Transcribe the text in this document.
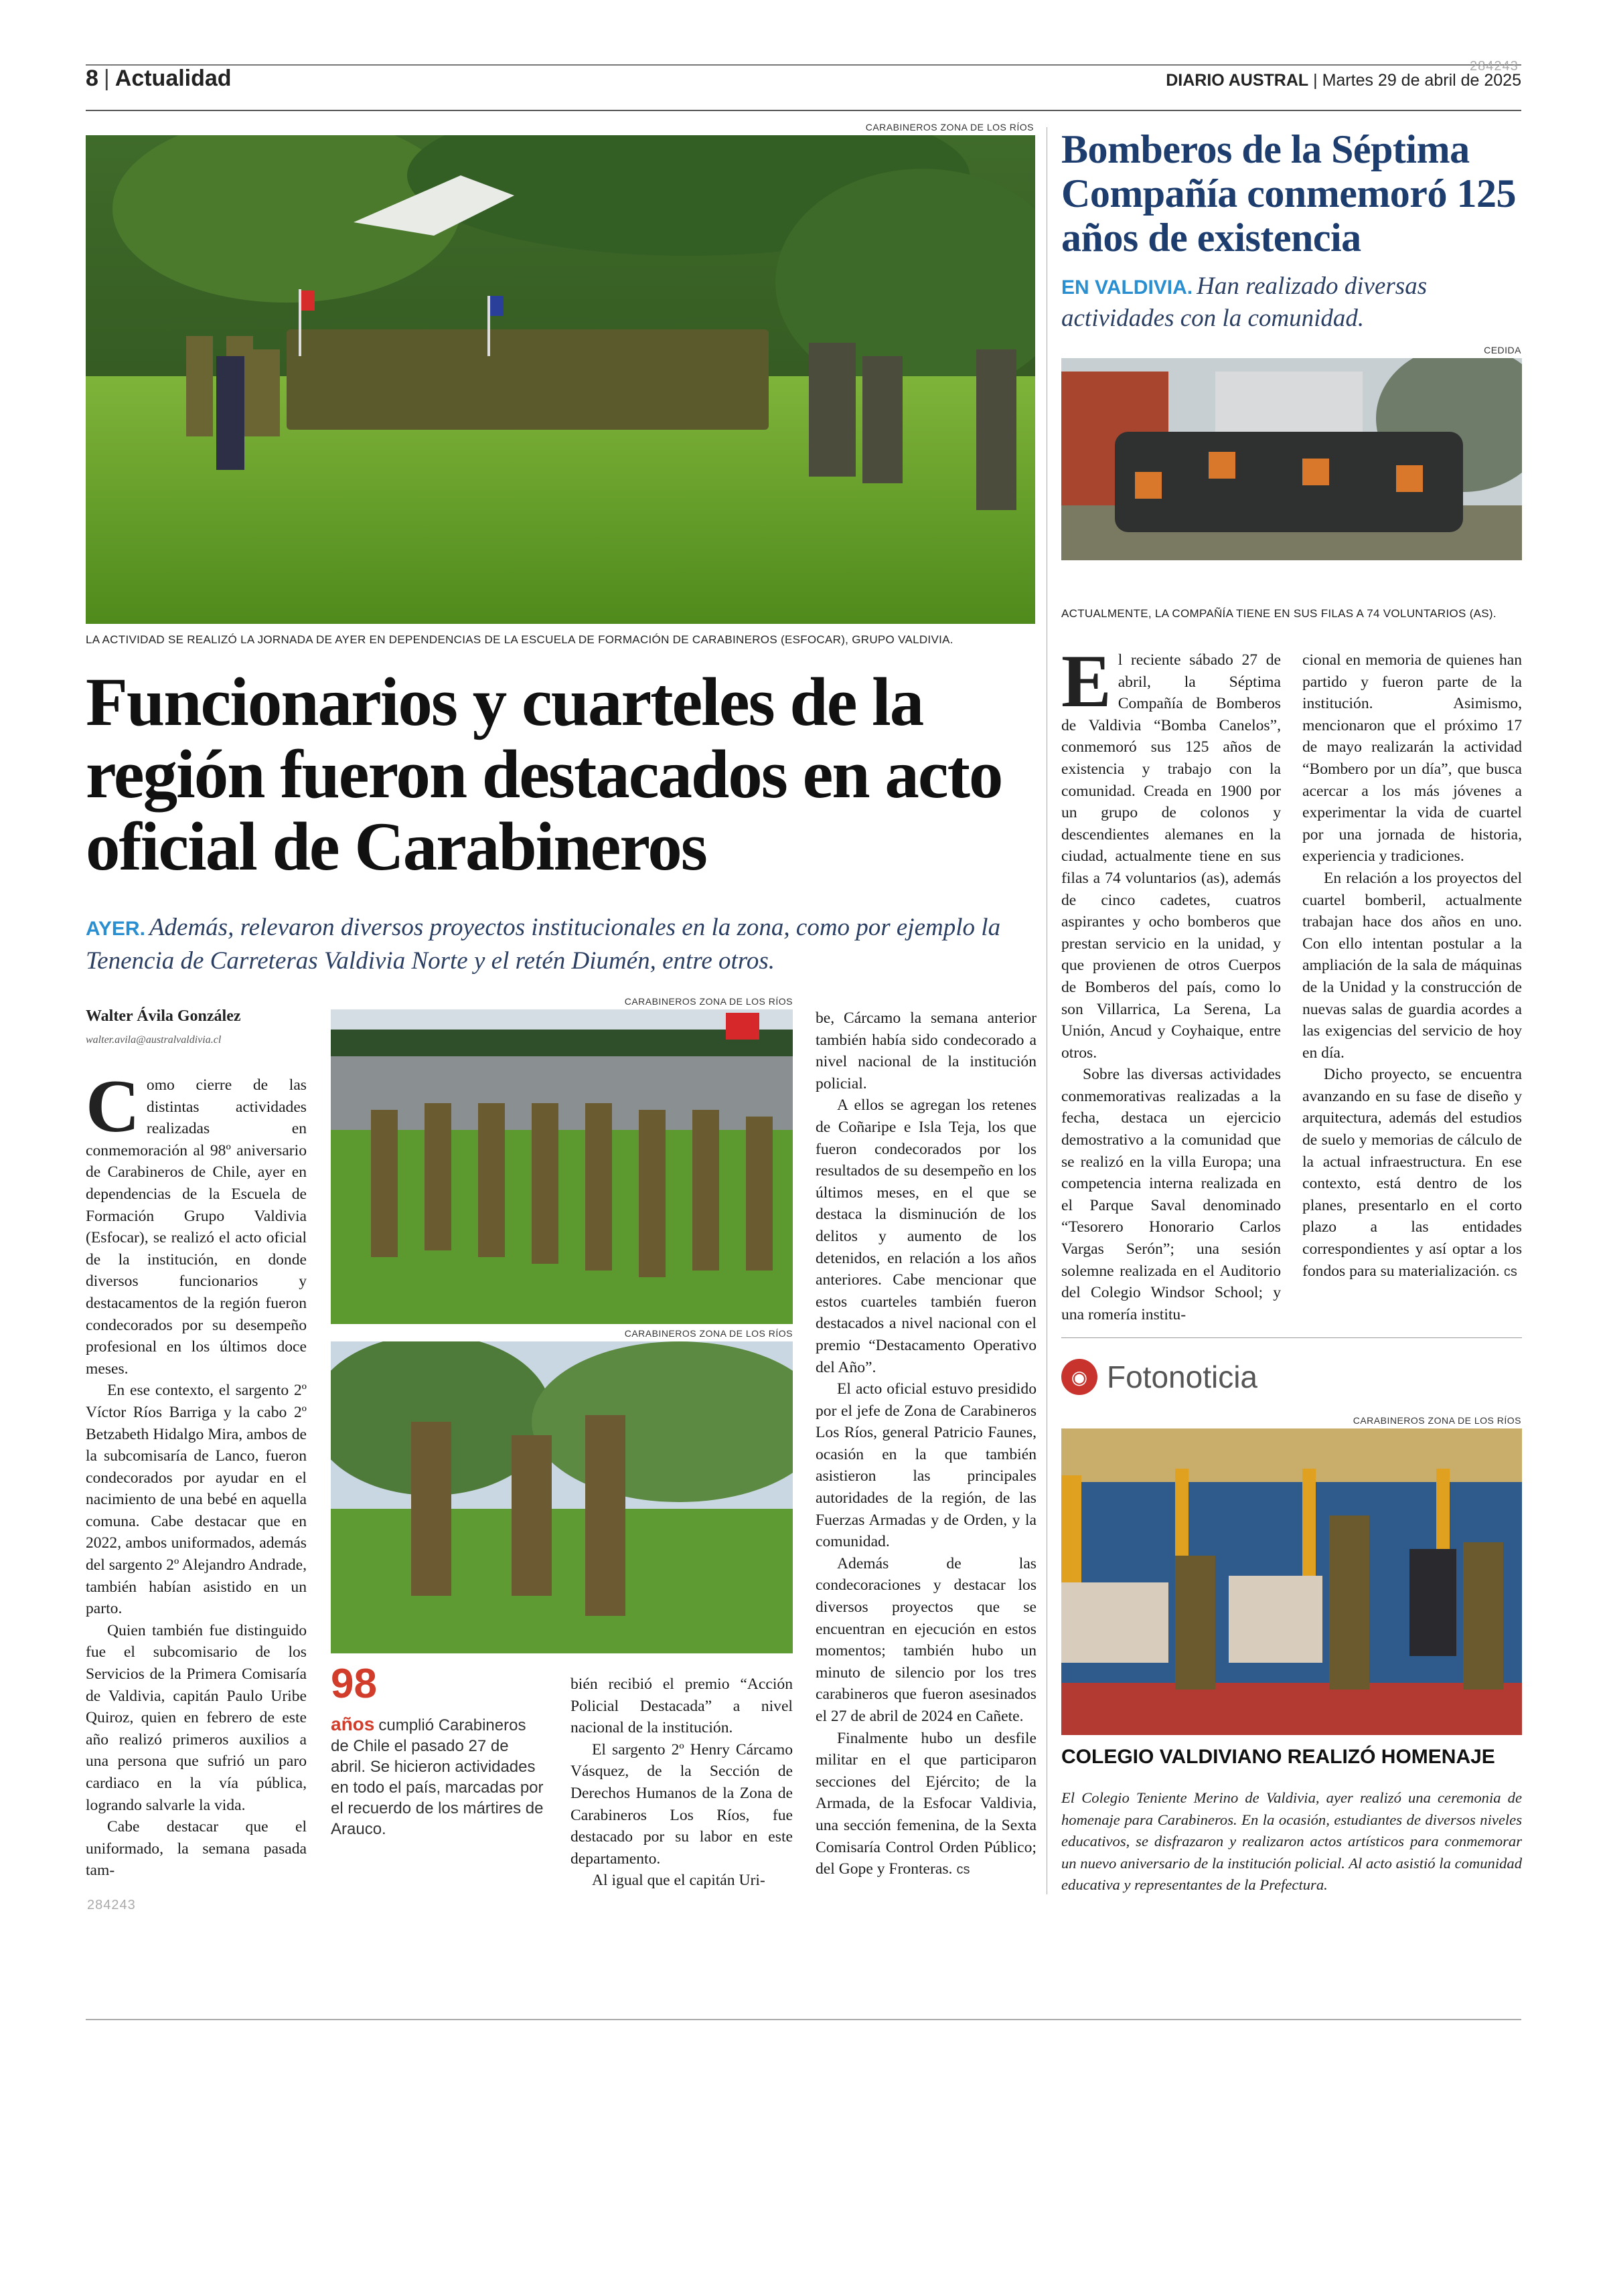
8 | Actualidad	284243
DIARIO AUSTRAL | Martes 29 de abril de 2025
CARABINEROS ZONA DE LOS RÍOS
LA ACTIVIDAD SE REALIZÓ LA JORNADA DE AYER EN DEPENDENCIAS DE LA ESCUELA DE FORMACIÓN DE CARABINEROS (ESFOCAR), GRUPO VALDIVIA.
Funcionarios y cuarteles de la región fueron destacados en acto oficial de Carabineros
AYER. Además, relevaron diversos proyectos institucionales en la zona, como por ejemplo la Tenencia de Carreteras Valdivia Norte y el retén Diumén, entre otros.
Walter Ávila González
walter.avila@australvaldivia.cl

Como cierre de las distintas actividades realizadas en conmemoración al 98º aniversario de Carabineros de Chile, ayer en dependencias de la Escuela de Formación Grupo Valdivia (Esfocar), se realizó el acto oficial de la institución, en donde diversos funcionarios y destacamentos de la región fueron condecorados por su desempeño profesional en los últimos doce meses.

En ese contexto, el sargento 2º Víctor Ríos Barriga y la cabo 2º Betzabeth Hidalgo Mira, ambos de la subcomisaría de Lanco, fueron condecorados por ayudar en el nacimiento de una bebé en aquella comuna. Cabe destacar que en 2022, ambos uniformados, además del sargento 2º Alejandro Andrade, también habían asistido en un parto.

Quien también fue distinguido fue el subcomisario de los Servicios de la Primera Comisaría de Valdivia, capitán Paulo Uribe Quiroz, quien en febrero de este año realizó primeros auxilios a una persona que sufrió un paro cardiaco en la vía pública, logrando salvarle la vida.

Cabe destacar que el uniformado, la semana pasada tam-

284243
CARABINEROS ZONA DE LOS RÍOS
CARABINEROS ZONA DE LOS RÍOS
98
años cumplió Carabineros de Chile el pasado 27 de abril. Se hicieron actividades en todo el país, marcadas por el recuerdo de los mártires de Arauco.

bién recibió el premio “Acción Policial Destacada” a nivel nacional de la institución.

El sargento 2º Henry Cárcamo Vásquez, de la Sección de Derechos Humanos de la Zona de Carabineros Los Ríos, fue destacado por su labor en este departamento.

Al igual que el capitán Uri-

be, Cárcamo la semana anterior también había sido condecorado a nivel nacional de la institución policial.

A ellos se agregan los retenes de Coñaripe e Isla Teja, los que fueron condecorados por los resultados de su desempeño en los últimos meses, en el que se destaca la disminución de los delitos y aumento de los detenidos, en relación a los años anteriores. Cabe mencionar que estos cuarteles también fueron destacados a nivel nacional con el premio “Destacamento Operativo del Año”.

El acto oficial estuvo presidido por el jefe de Zona de Carabineros Los Ríos, general Patricio Faunes, ocasión en la que también asistieron las principales autoridades de la región, de las Fuerzas Armadas y de Orden, y la comunidad.

Además de las condecoraciones y destacar los diversos proyectos que se encuentran en ejecución en estos momentos; también hubo un minuto de silencio por los tres carabineros que fueron asesinados el 27 de abril de 2024 en Cañete.

Finalmente hubo un desfile militar en el que participaron secciones del Ejército; de la Armada, de la Esfocar Valdivia, una sección femenina, de la Sexta Comisaría Control Orden Público; del Gope y Fronteras. cs

Bomberos de la Séptima Compañía conmemoró 125 años de existencia
EN VALDIVIA. Han realizado diversas actividades con la comunidad.
CEDIDA
ACTUALMENTE, LA COMPAÑÍA TIENE EN SUS FILAS A 74 VOLUNTARIOS (AS).

El reciente sábado 27 de abril, la Séptima Compañía de Bomberos de Valdivia “Bomba Canelos”, conmemoró sus 125 años de existencia y trabajo con la comunidad. Creada en 1900 por un grupo de colonos y descendientes alemanes en la ciudad, actualmente tiene en sus filas a 74 voluntarios (as), además de cinco cadetes, cuatros aspirantes y ocho bomberos que prestan servicio en la unidad, y que provienen de otros Cuerpos de Bomberos del país, como lo son Villarrica, La Serena, La Unión, Ancud y Coyhaique, entre otros.

Sobre las diversas actividades conmemorativas realizadas a la fecha, destaca un ejercicio demostrativo a la comunidad que se realizó en la villa Europa; una competencia interna realizada en el Parque Saval denominado “Tesorero Honorario Carlos Vargas Serón”; una sesión solemne realizada en el Auditorio del Colegio Windsor School; y una romería institu-

cional en memoria de quienes han partido y fueron parte de la institución. Asimismo, mencionaron que el próximo 17 de mayo realizarán la actividad “Bombero por un día”, que busca acercar a los más jóvenes a experimentar la vida de cuartel por una jornada de historia, experiencia y tradiciones.

En relación a los proyectos del cuartel bomberil, actualmente trabajan hace dos años en uno. Con ello intentan postular a la ampliación de la sala de máquinas de la Unidad y la construcción de nuevas salas de guardia acordes a las exigencias del servicio de hoy en día.

Dicho proyecto, se encuentra avanzando en su fase de diseño y arquitectura, además del estudios de suelo y memorias de cálculo de la actual infraestructura. En ese contexto, está dentro de los planes, presentarlo en el corto plazo a las entidades correspondientes y así optar a los fondos para su materialización. cs

◉ Fotonoticia
CARABINEROS ZONA DE LOS RÍOS
COLEGIO VALDIVIANO REALIZÓ HOMENAJE
El Colegio Teniente Merino de Valdivia, ayer realizó una ceremonia de homenaje para Carabineros. En la ocasión, estudiantes de diversos niveles educativos, se disfrazaron y realizaron actos artísticos para conmemorar un nuevo aniversario de la institución policial. Al acto asistió la comunidad educativa y representantes de la Prefectura.
